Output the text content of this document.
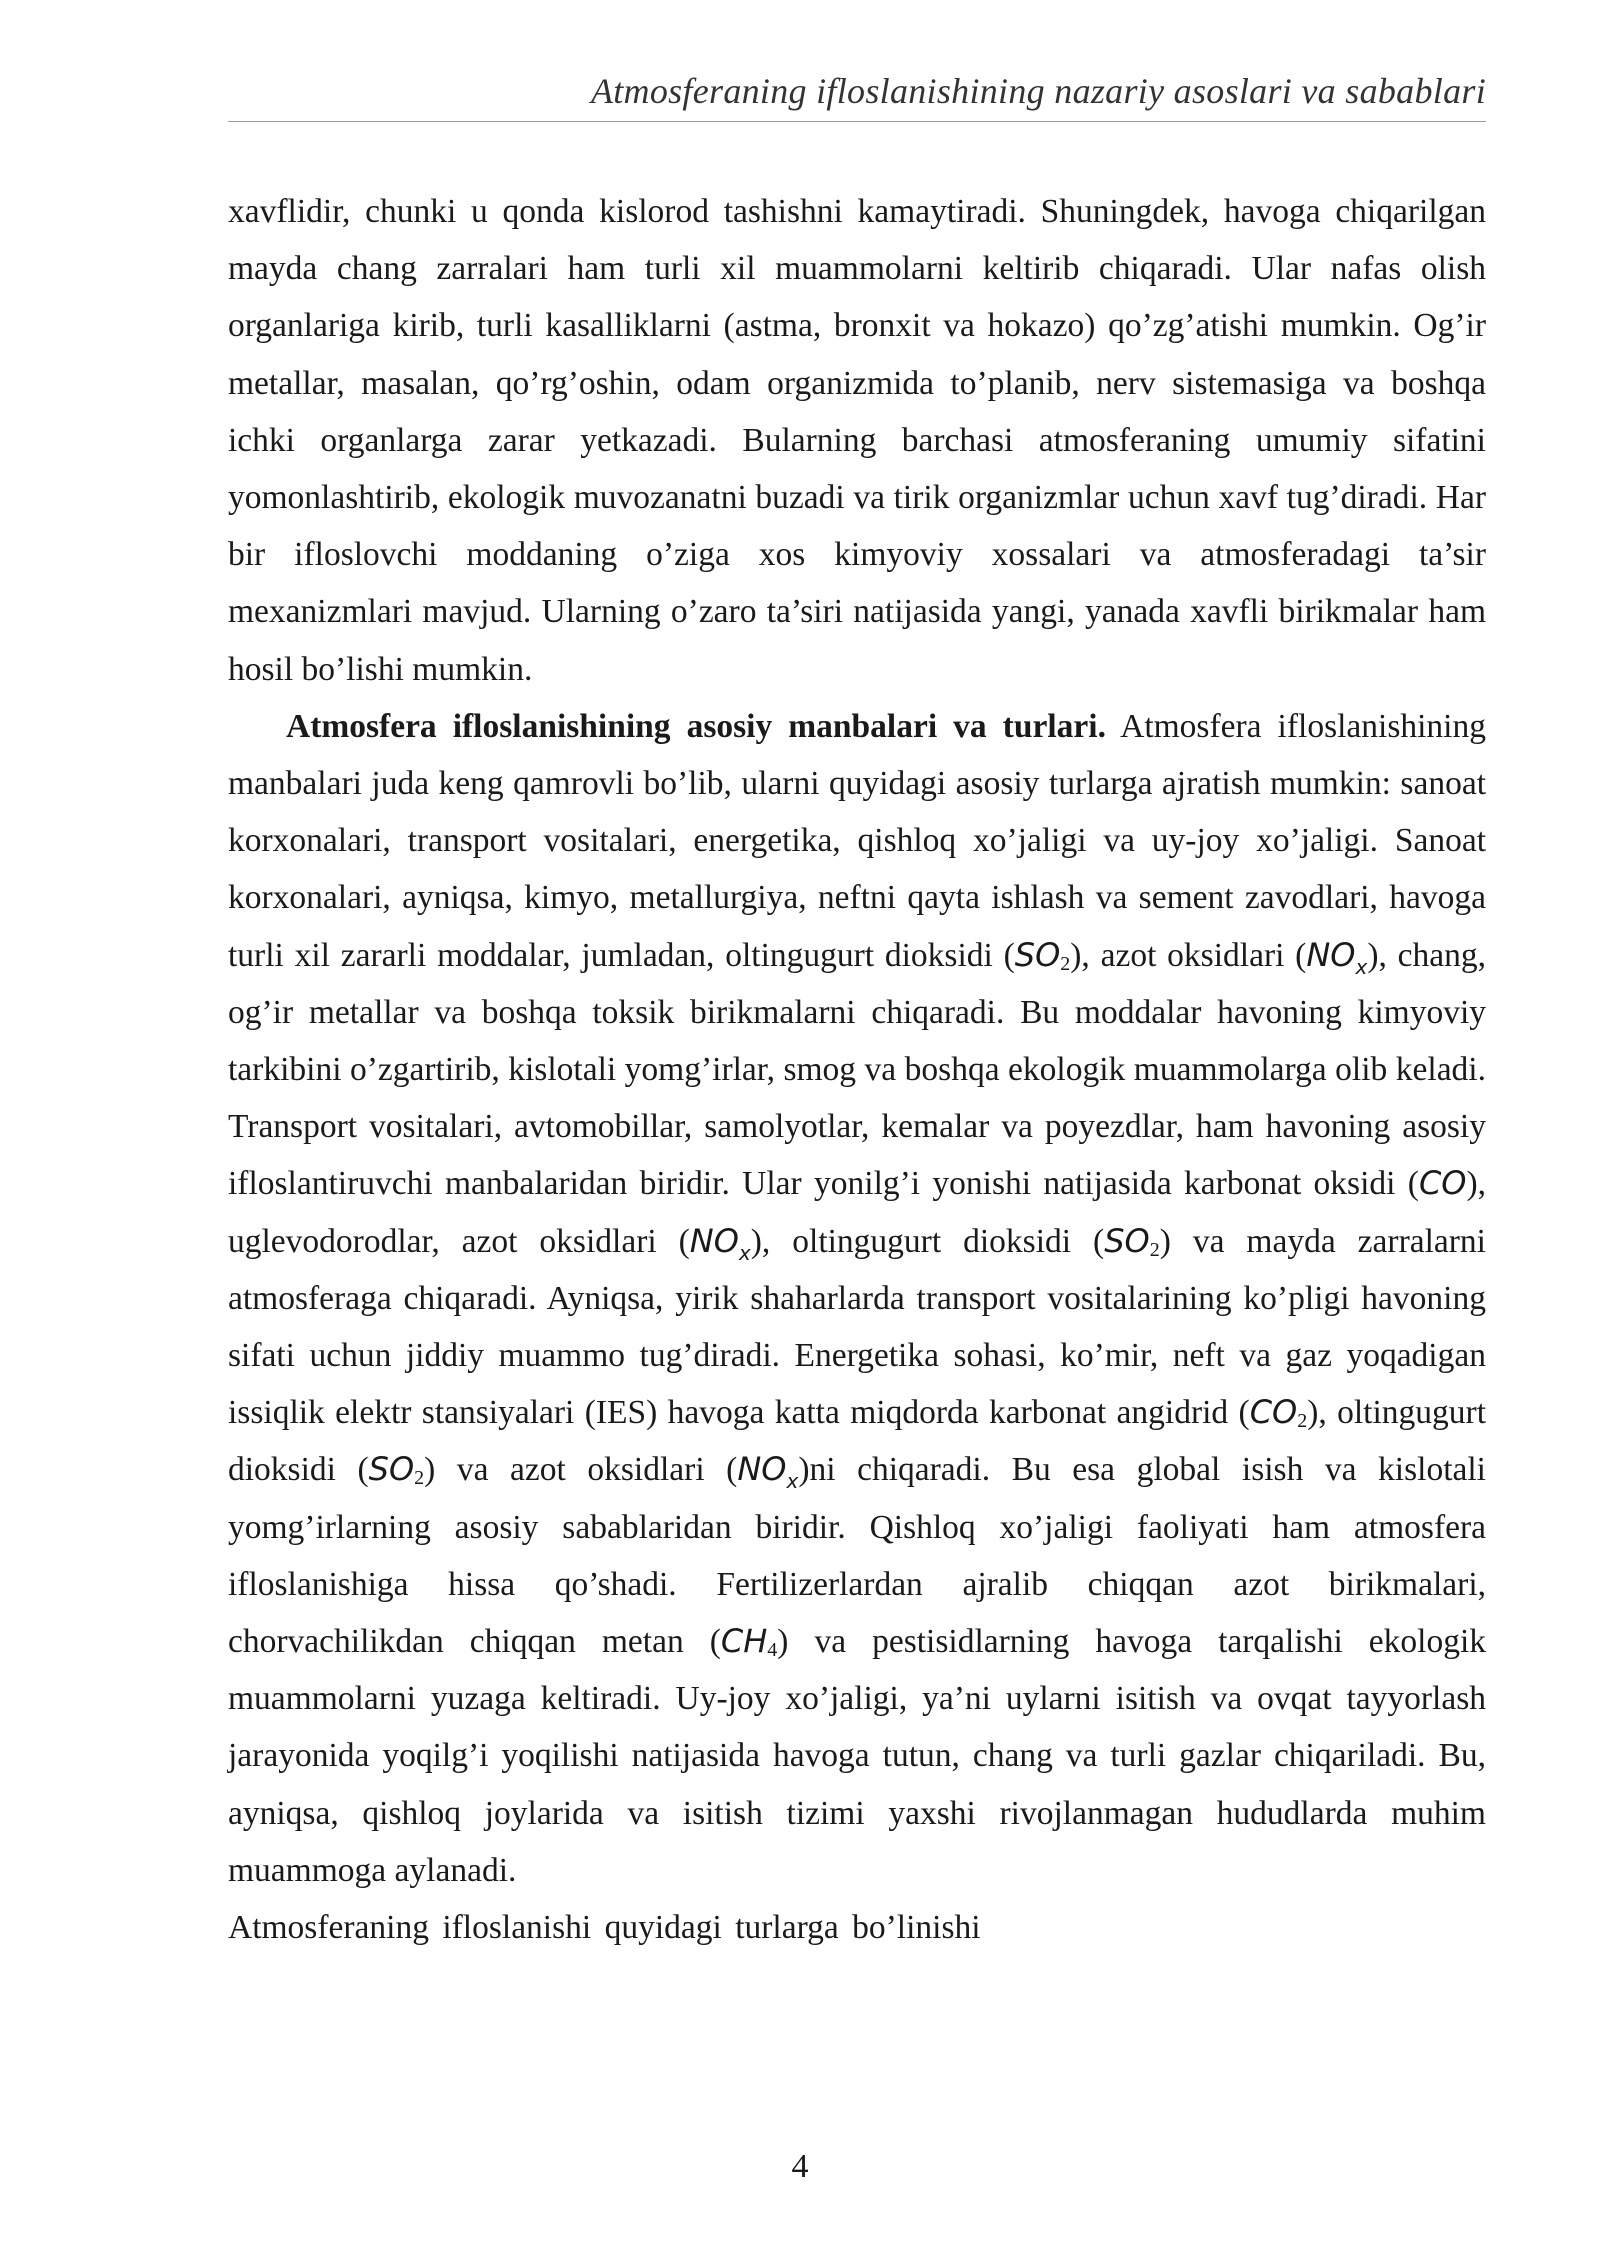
Atmosferaning ifloslanishining nazariy asoslari va sabablari

xavflidir, chunki u qonda kislorod tashishni kamaytiradi. Shuningdek, havoga chiqarilgan mayda chang zarralari ham turli xil muammolarni keltirib chiqaradi. Ular nafas olish organlariga kirib, turli kasalliklarni (astma, bronxit va hokazo) qo’zg’atishi mumkin. Og’ir metallar, masalan, qo’rg’oshin, odam organizmida to’planib, nerv sistemasiga va boshqa ichki organlarga zarar yetkazadi. Bularning barchasi atmosferaning umumiy sifatini yomonlashtirib, ekologik muvozanatni buzadi va tirik organizmlar uchun xavf tug’diradi. Har bir ifloslovchi moddaning o’ziga xos kimyoviy xossalari va atmosferadagi ta’sir mexanizmlari mavjud. Ularning o’zaro ta’siri natijasida yangi, yanada xavfli birikmalar ham hosil bo’lishi mumkin.

Atmosfera ifloslanishining asosiy manbalari va turlari. Atmosfera ifloslanishining manbalari juda keng qamrovli bo’lib, ularni quyidagi asosiy turlarga ajratish mumkin: sanoat korxonalari, transport vositalari, energetika, qishloq xo’jaligi va uy-joy xo’jaligi. Sanoat korxonalari, ayniqsa, kimyo, metallurgiya, neftni qayta ishlash va sement zavodlari, havoga turli xil zararli moddalar, jumladan, oltingugurt dioksidi $(SO_2)$, azot oksidlari $(NO_x)$, chang, og’ir metallar va boshqa toksik birikmalarni chiqaradi. Bu moddalar havoning kimyoviy tarkibini o’zgartirib, kislotali yomg’irlar, smog va boshqa ekologik muammolarga olib keladi. Transport vositalari, avtomobillar, samolyotlar, kemalar va poyezdlar, ham havoning asosiy ifloslantiruvchi manbalaridan biridir. Ular yonilg’i yonishi natijasida karbonat oksidi (CO), uglevodorodlar, azot oksidlari $(NO_x)$, oltingugurt dioksidi $(SO_2)$ va mayda zarralarni atmosferaga chiqaradi. Ayniqsa, yirik shaharlarda transport vositalarining ko’pligi havoning sifati uchun jiddiy muammo tug’diradi. Energetika sohasi, ko’mir, neft va gaz yoqadigan issiqlik elektr stansiyalari (IES) havoga katta miqdorda karbonat angidrid $(CO_2)$, oltingugurt dioksidi $(SO_2)$ va azot oksidlari $(NO_x)ni$ chiqaradi. Bu esa global isish va kislotali yomg’irlarning asosiy sabablaridan biridir. Qishloq xo’jaligi faoliyati ham atmosfera ifloslanishiga hissa qo’shadi. Fertilizerlardan ajralib chiqqan azot birikmalari, chorvachilikdan chiqqan metan $(CH_4)$ va pestisidlarning havoga tarqalishi ekologik muammolarni yuzaga keltiradi. Uy-joy xo’jaligi, ya’ni uylarni isitish va ovqat tayyorlash jarayonida yoqilg’i yoqilishi natijasida havoga tutun, chang va turli gazlar chiqariladi. Bu, ayniqsa, qishloq joylarida va isitish tizimi yaxshi rivojlanmagan hududlarda muhim muammoga aylanadi.

Atmosferaning ifloslanishi quyidagi turlarga bo’linishi

4
